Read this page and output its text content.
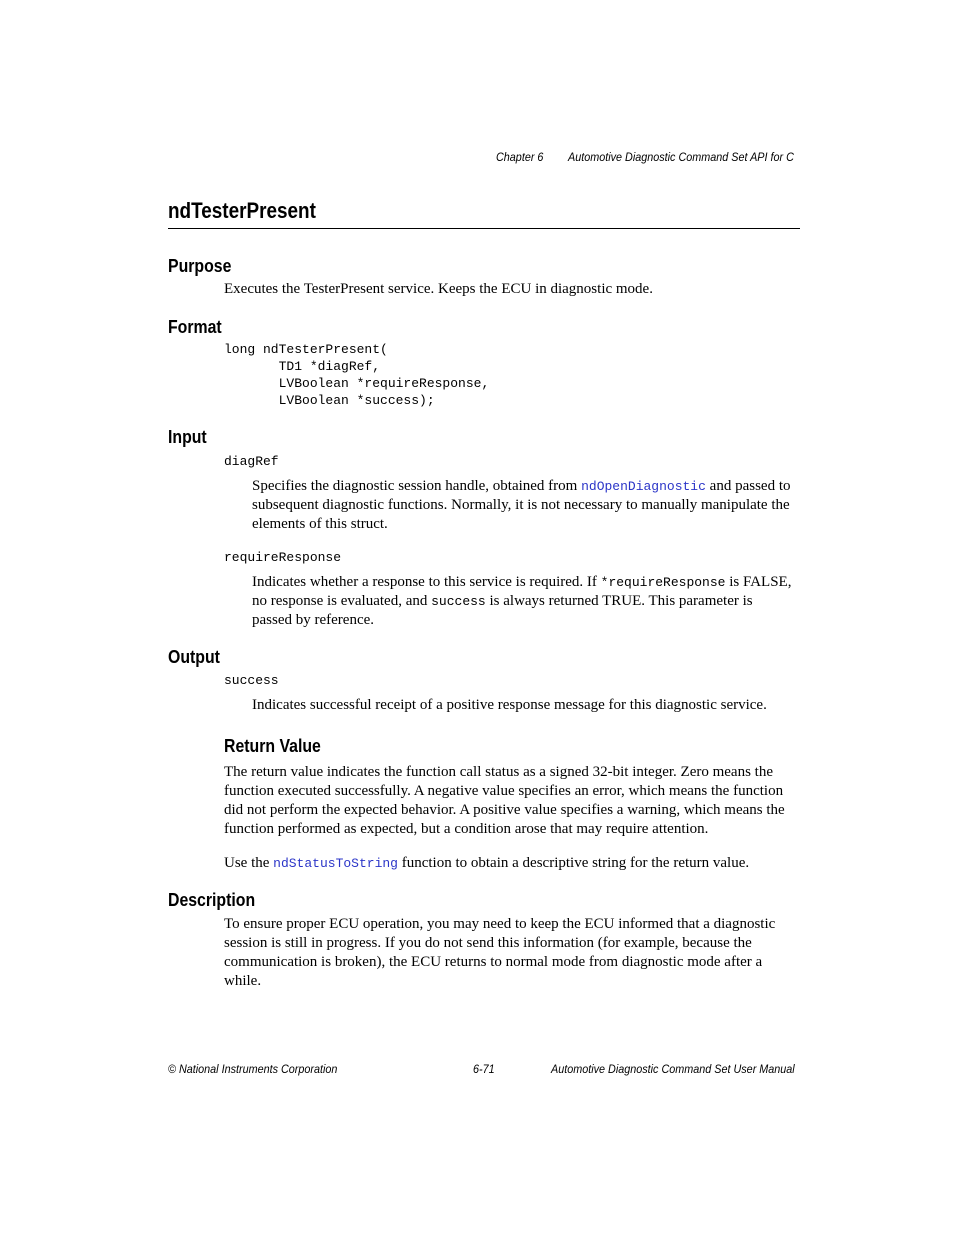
Chapter 6 Automotive Diagnostic Command Set API for C
ndTesterPresent
Purpose
Executes the TesterPresent service. Keeps the ECU in diagnostic mode.
Format
long ndTesterPresent(
TD1 *diagRef,
LVBoolean *requireResponse,
LVBoolean *success);
Input
diagRef
Specifies the diagnostic session handle, obtained from ndOpenDiagnostic and passed to subsequent diagnostic functions. Normally, it is not necessary to manually manipulate the elements of this struct.
requireResponse
Indicates whether a response to this service is required. If *requireResponse is FALSE, no response is evaluated, and success is always returned TRUE. This parameter is passed by reference.
Output
success
Indicates successful receipt of a positive response message for this diagnostic service.
Return Value
The return value indicates the function call status as a signed 32-bit integer. Zero means the function executed successfully. A negative value specifies an error, which means the function did not perform the expected behavior. A positive value specifies a warning, which means the function performed as expected, but a condition arose that may require attention.
Use the ndStatusToString function to obtain a descriptive string for the return value.
Description
To ensure proper ECU operation, you may need to keep the ECU informed that a diagnostic session is still in progress. If you do not send this information (for example, because the communication is broken), the ECU returns to normal mode from diagnostic mode after a while.
© National Instruments Corporation	6-71	Automotive Diagnostic Command Set User Manual
